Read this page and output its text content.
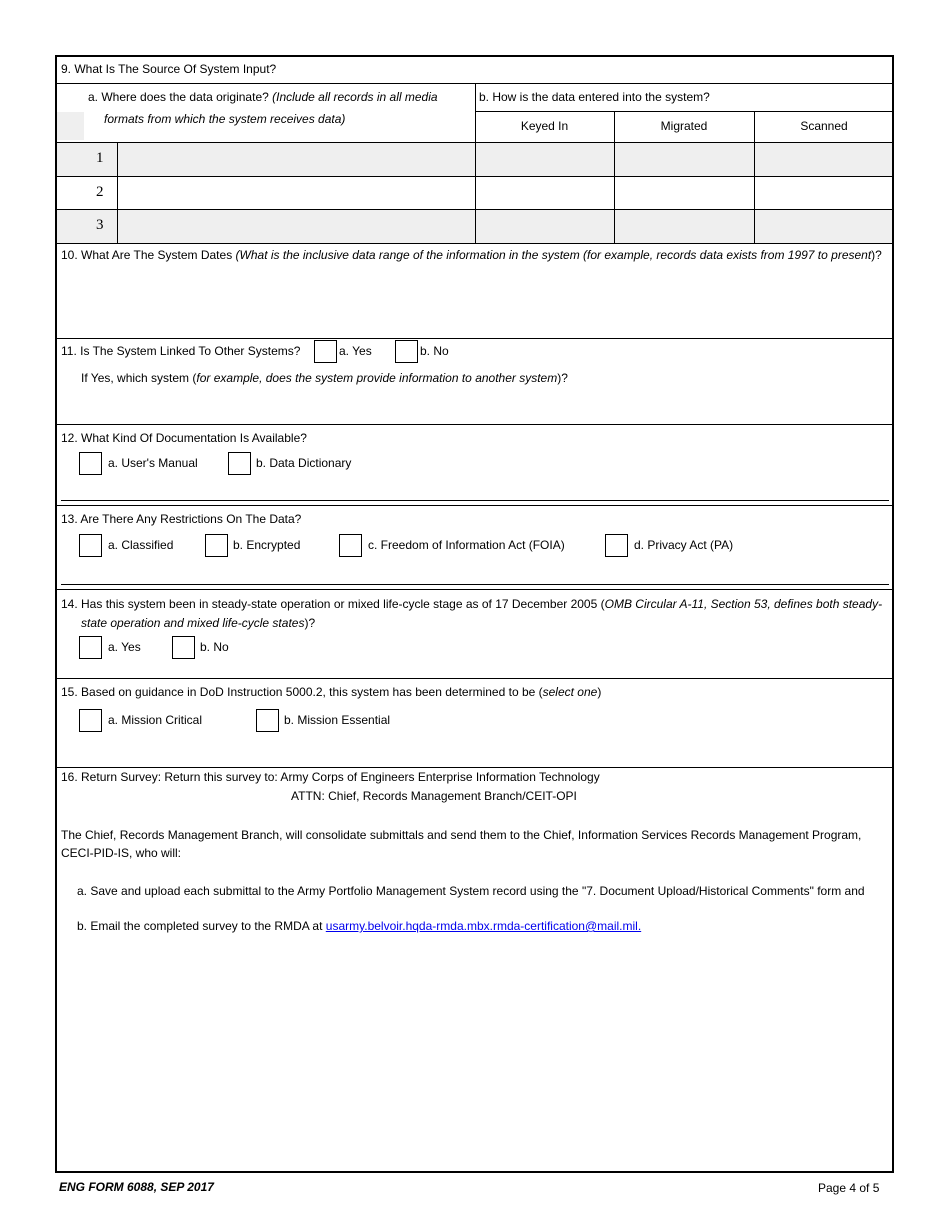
9. What Is The Source Of System Input?
a. Where does the data originate? (Include all records in all media
formats from which the system receives data)
b. How is the data entered into the system?
Keyed In	Migrated	Scanned
1
2
3
10. What Are The System Dates (What is the inclusive data range of the information in the system (for example, records data exists from 1997 to present)?
11. Is The System Linked To Other Systems?	a. Yes	b. No
If Yes, which system (for example, does the system provide information to another system)?
12. What Kind Of Documentation Is Available?
a. User's Manual	b. Data Dictionary
13. Are There Any Restrictions On The Data?
a. Classified	b. Encrypted	c. Freedom of Information Act (FOIA)	d. Privacy Act (PA)
14. Has this system been in steady-state operation or mixed life-cycle stage as of 17 December 2005 (OMB Circular A-11, Section 53, defines both steady-state operation and mixed life-cycle states)?
a. Yes	b. No
15. Based on guidance in DoD Instruction 5000.2, this system has been determined to be (select one)
a. Mission Critical	b. Mission Essential
16. Return Survey: Return this survey to: Army Corps of Engineers Enterprise Information Technology
ATTN: Chief, Records Management Branch/CEIT-OPI
The Chief, Records Management Branch, will consolidate submittals and send them to the Chief, Information Services Records Management Program, CECI-PID-IS, who will:
a. Save and upload each submittal to the Army Portfolio Management System record using the "7. Document Upload/Historical Comments" form and
b. Email the completed survey to the RMDA at usarmy.belvoir.hqda-rmda.mbx.rmda-certification@mail.mil.
ENG FORM 6088, SEP 2017	Page 4 of 5
